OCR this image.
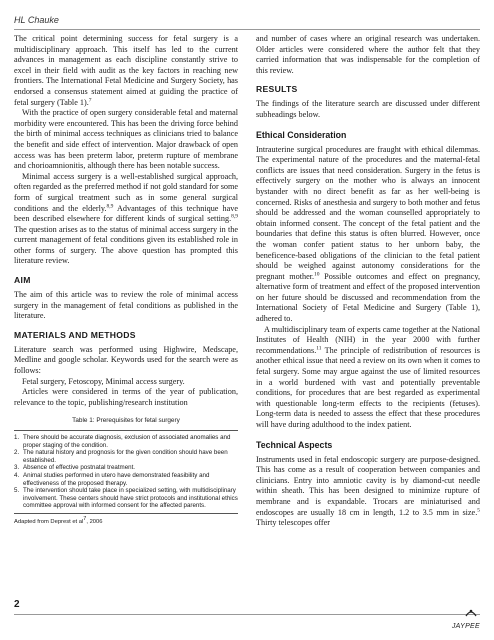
HL Chauke

The critical point determining success for fetal surgery is a multidisciplinary approach. This itself has led to the current advances in management as each discipline constantly strive to excel in their field with audit as the key factors in reaching new frontiers. The International Fetal Medicine and Surgery Society, has endorsed a consensus statement aimed at guiding the practice of fetal surgery (Table 1).$^7$

With the practice of open surgery considerable fetal and maternal morbidity were encountered. This has been the driving force behind the birth of minimal access techniques as clinicians tried to balance the benefit and side effect of intervention. Major drawback of open access was has been preterm labor, preterm rupture of membrane and chorioamnionitis, although there has been notable success.

Minimal access surgery is a well-established surgical approach, often regarded as the preferred method if not gold standard for some form of surgical treatment such as in some general surgical conditions and the elderly.$^{8,9}$ Advantages of this technique have been described elsewhere for different kinds of surgical setting.$^{8,9}$ The question arises as to the status of minimal access surgery in the current management of fetal conditions given its established role in other forms of surgery. The above question has prompted this literature review.

AIM

The aim of this article was to review the role of minimal access surgery in the management of fetal conditions as published in the literature.

MATERIALS AND METHODS

Literature search was performed using Highwire, Medscape, Medline and google scholar. Keywords used for the search were as follows:

Fetal surgery, Fetoscopy, Minimal access surgery.

Articles were considered in terms of the year of publication, relevance to the topic, publishing/research institution

Table 1: Prerequisites for fetal surgery
1. There should be accurate diagnosis, exclusion of associated anomalies and proper staging of the condition.
2. The natural history and prognosis for the given condition should have been established.
3. Absence of effective postnatal treatment.
4. Animal studies performed in utero have demonstrated feasibility and effectiveness of the proposed therapy.
5. The intervention should take place in specialized setting, with multidisciplinary involvement. These centers should have strict protocols and institutional ethics committee approval with informed consent for the affected parents.
Adapted from Deprest et $al^7$, 2006

and number of cases where an original research was undertaken. Older articles were considered where the author felt that they carried information that was indispensable for the completion of this review.

RESULTS

The findings of the literature search are discussed under different subheadings below.

Ethical Consideration

Intrauterine surgical procedures are fraught with ethical dilemmas. The experimental nature of the procedures and the maternal-fetal conflicts are issues that need consideration. Surgery in the fetus is effectively surgery on the mother who is always an innocent bystander with no direct benefit as far as her well-being is concerned. Risks of anesthesia and surgery to both mother and fetus should be addressed and the woman counselled appropriately to obtain informed consent. The concept of the fetal patient and the boundaries that define this status is often blurred. However, once the woman confer patient status to her unborn baby, the beneficence-based obligations of the clinician to the fetal patient should be weighed against autonomy considerations for the pregnant mother.$^{10}$ Possible outcomes and effect on pregnancy, alternative form of treatment and effect of the proposed intervention on her future should be discussed and recommendation from the International Society of Fetal Medicine and Surgery (Table 1), adhered to.

A multidisciplinary team of experts came together at the National Institutes of Health (NIH) in the year 2000 with further recommendations.$^{11}$ The principle of redistribution of resources is another ethical issue that need a review on its own when it comes to fetal surgery. Some may argue against the use of limited resources in a world burdened with vast and potentially preventable conditions, for procedures that are best regarded as experimental with questionable long-term effects to the recipients (fetuses). Long-term data is needed to assess the effect that these procedures will have during adulthood to the index patient.

Technical Aspects

Instruments used in fetal endoscopic surgery are purpose-designed. This has come as a result of cooperation between companies and clinicians. Entry into amniotic cavity is by diamond-cut needle within sheath. This has been designed to minimize rupture of membrane and is expandable. Trocars are miniaturised and endoscopes are usually 18 cm in length, 1.2 to 3.5 mm in size.$^5$ Thirty telescopes offer

2
JAYPEE
